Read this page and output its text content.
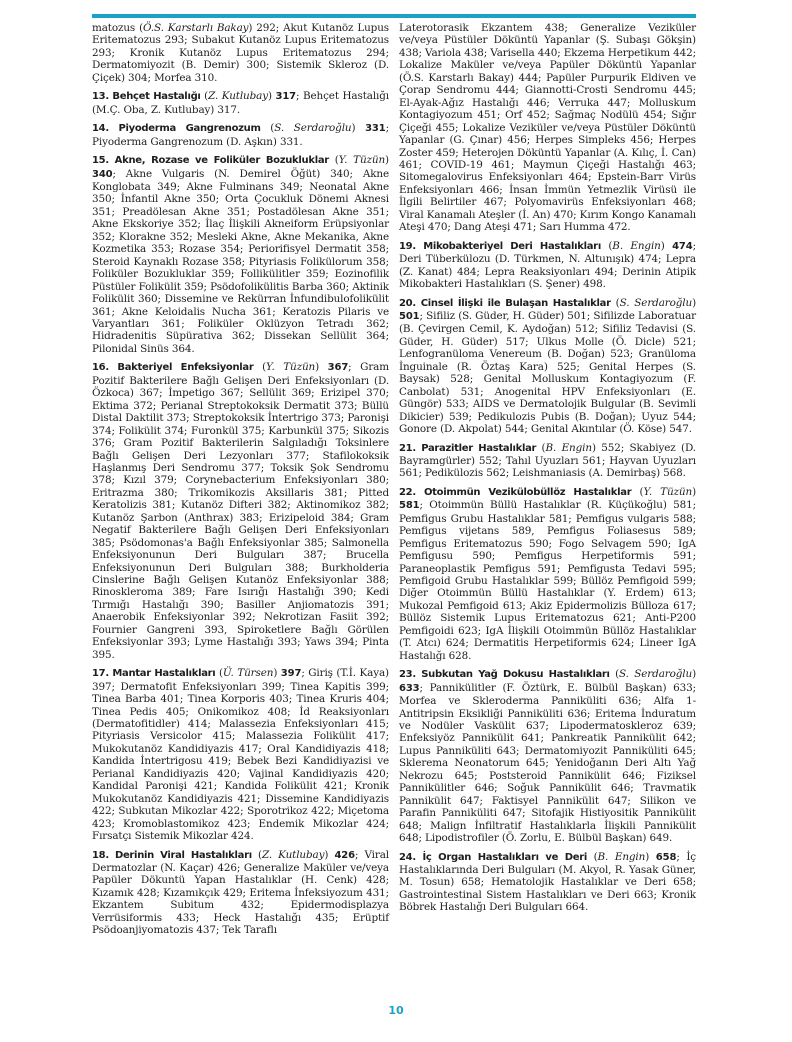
matozus (Ö.S. Karstarlı Bakay) 292; Akut Kutanöz Lupus Eritematozus 293; Subakut Kutanöz Lupus Eritematozus 293; Kronik Kutanöz Lupus Eritematozus 294; Dermatomiyozit (B. Demir) 300; Sistemik Skleroz (D. Çiçek) 304; Morfea 310.

13. Behçet Hastalığı (Z. Kutlubay) 317; Behçet Hastalığı (M.Ç. Oba, Z. Kutlubay) 317.

14. Piyoderma Gangrenozum (S. Serdaroğlu) 331; Piyoderma Gangrenozum (D. Aşkın) 331.

15. Akne, Rozase ve Foliküler Bozukluklar (Y. Tüzün) 340; Akne Vulgaris (N. Demirel Öğüt) 340; Akne Konglobata 349; Akne Fulminans 349; Neonatal Akne 350; İnfantil Akne 350; Orta Çocukluk Dönemi Aknesi 351; Preadölesan Akne 351; Postadölesan Akne 351; Akne Ekskoriye 352; İlaç İlişkili Akneiform Erüpsiyonlar 352; Klorakne 352; Mesleki Akne, Akne Mekanika, Akne Kozmetika 353; Rozase 354; Periorifisyel Dermatit 358; Steroid Kaynaklı Rozase 358; Pityriasis Folikülorum 358; Foliküler Bozukluklar 359; Follikülitler 359; Eozinofilik Püstüler Folikülit 359; Psödofolikülitis Barba 360; Aktinik Folikülit 360; Dissemine ve Rekürran İnfundibulofolikülit 361; Akne Keloidalis Nucha 361; Keratozis Pilaris ve Varyantları 361; Foliküler Oklüzyon Tetradı 362; Hidradenitis Süpürativa 362; Dissekan Sellülit 364; Pilonidal Sinüs 364.

16. Bakteriyel Enfeksiyonlar (Y. Tüzün) 367; Gram Pozitif Bakterilere Bağlı Gelişen Deri Enfeksiyonları (D. Özkoca) 367; İmpetigo 367; Sellülit 369; Erizipel 370; Ektima 372; Perianal Streptokoksik Dermatit 373; Büllü Distal Daktilit 373; Streptokoksik İntertrigo 373; Paronişi 374; Folikülit 374; Furonkül 375; Karbunkül 375; Sikozis 376; Gram Pozitif Bakterilerin Salgıladığı Toksinlere Bağlı Gelişen Deri Lezyonları 377; Stafilokoksik Haşlanmış Deri Sendromu 377; Toksik Şok Sendromu 378; Kızıl 379; Corynebacterium Enfeksiyonları 380; Eritrazma 380; Trikomikozis Aksillaris 381; Pitted Keratolizis 381; Kutanöz Difteri 382; Aktinomikoz 382; Kutanöz Şarbon (Anthrax) 383; Erizipeloid 384; Gram Negatif Bakterilere Bağlı Gelişen Deri Enfeksiyonları 385; Psödomonas'a Bağlı Enfeksiyonlar 385; Salmonella Enfeksiyonunun Deri Bulguları 387; Brucella Enfeksiyonunun Deri Bulguları 388; Burkholderia Cinslerine Bağlı Gelişen Kutanöz Enfeksiyonlar 388; Rinoskleroma 389; Fare Isırığı Hastalığı 390; Kedi Tırmığı Hastalığı 390; Basiller Anjiomatozis 391; Anaerobik Enfeksiyonlar 392; Nekrotizan Fasiit 392; Fournier Gangreni 393, Spiroketlere Bağlı Görülen Enfeksiyonlar 393; Lyme Hastalığı 393; Yaws 394; Pinta 395.

17. Mantar Hastalıkları (Ü. Türsen) 397; Giriş (T.İ. Kaya) 397; Dermatofit Enfeksiyonları 399; Tinea Kapitis 399; Tinea Barba 401; Tinea Korporis 403; Tinea Kruris 404; Tinea Pedis 405; Onikomikoz 408; İd Reaksiyonları (Dermatofitidler) 414; Malassezia Enfeksiyonları 415; Pityriasis Versicolor 415; Malassezia Folikülit 417; Mukokutanöz Kandidiyazis 417; Oral Kandidiyazis 418; Kandida İntertrigosu 419; Bebek Bezi Kandidiyazisi ve Perianal Kandidiyazis 420; Vajinal Kandidiyazis 420; Kandidal Paronişi 421; Kandida Folikülit 421; Kronik Mukokutanöz Kandidiyazis 421; Dissemine Kandidiyazis 422; Subkutan Mikozlar 422; Sporotrikoz 422; Miçetoma 423; Kromoblastomikoz 423; Endemik Mikozlar 424; Fırsatçı Sistemik Mikozlar 424.

18. Derinin Viral Hastalıkları (Z. Kutlubay) 426; Viral Dermatozlar (N. Kaçar) 426; Generalize Maküler ve/veya Papüler Dökuntü Yapan Hastalıklar (H. Cenk) 428; Kızamık 428; Kızamıkçık 429; Eritema İnfeksiyozum 431; Ekzantem Subitum 432; Epidermodisplazya Verrüsiformis 433; Heck Hastalığı 435; Erüptif Psödoanjiyomatozis 437; Tek Taraflı

Laterotorasik Ekzantem 438; Generalize Veziküler ve/veya Püstüler Döküntü Yapanlar (Ş. Subaşı Gökşin) 438; Variola 438; Varisella 440; Ekzema Herpetikum 442; Lokalize Maküler ve/veya Papüler Döküntü Yapanlar (Ö.S. Karstarlı Bakay) 444; Papüler Purpurik Eldiven ve Çorap Sendromu 444; Giannotti-Crosti Sendromu 445; El-Ayak-Ağız Hastalığı 446; Verruka 447; Molluskum Kontagiyozum 451; Orf 452; Sağmaç Nodülü 454; Sığır Çiçeği 455; Lokalize Veziküler ve/veya Püstüler Döküntü Yapanlar (G. Çınar) 456; Herpes Simpleks 456; Herpes Zoster 459; Heterojen Döküntü Yapanlar (A. Kılıç, İ. Can) 461; COVID-19 461; Maymun Çiçeği Hastalığı 463; Sitomegalovirus Enfeksiyonları 464; Epstein-Barr Virüs Enfeksiyonları 466; İnsan İmmün Yetmezlik Virüsü ile İlgili Belirtiler 467; Polyomavirüs Enfeksiyonları 468; Viral Kanamalı Ateşler (İ. An) 470; Kırım Kongo Kanamalı Ateşi 470; Dang Ateşi 471; Sarı Humma 472.

19. Mikobakteriyel Deri Hastalıkları (B. Engin) 474; Deri Tüberkülozu (D. Türkmen, N. Altunışık) 474; Lepra (Z. Kanat) 484; Lepra Reaksiyonları 494; Derinin Atipik Mikobakteri Hastalıkları (S. Şener) 498.

20. Cinsel İlişki ile Bulaşan Hastalıklar (S. Serdaroğlu) 501; Sifiliz (S. Güder, H. Güder) 501; Sifilizde Laboratuar (B. Çevirgen Cemil, K. Aydoğan) 512; Sifiliz Tedavisi (S. Güder, H. Güder) 517; Ulkus Molle (Ö. Dicle) 521; Lenfogranüloma Venereum (B. Doğan) 523; Granüloma İnguinale (R. Öztaş Kara) 525; Genital Herpes (S. Baysak) 528; Genital Molluskum Kontagiyozum (F. Canbolat) 531; Anogenital HPV Enfeksiyonları (E. Güngör) 533; AIDS ve Dermatolojik Bulgular (B. Sevimli Dikicier) 539; Pedikulozis Pubis (B. Doğan); Uyuz 544; Gonore (D. Akpolat) 544; Genital Akıntılar (Ö. Köse) 547.

21. Parazitler Hastalıklar (B. Engin) 552; Skabiyez (D. Bayramgürler) 552; Tahıl Uyuzları 561; Hayvan Uyuzları 561; Pedikülozis 562; Leishmaniasis (A. Demirbaş) 568.

22. Otoimmün Vezikülobüllöz Hastalıklar (Y. Tüzün) 581; Otoimmün Büllü Hastalıklar (R. Küçükoğlu) 581; Pemfigus Grubu Hastalıklar 581; Pemfigus vulgaris 588; Pemfigus vijetans 589, Pemfigus Foliasesus 589; Pemfigus Eritematozus 590; Fogo Selvagem 590; IgA Pemfigusu 590; Pemfigus Herpetiformis 591; Paraneoplastik Pemfigus 591; Pemfigusta Tedavi 595; Pemfigoid Grubu Hastalıklar 599; Büllöz Pemfigoid 599; Diğer Otoimmün Büllü Hastalıklar (Y. Erdem) 613; Mukozal Pemfigoid 613; Akiz Epidermolizis Bülloza 617; Büllöz Sistemik Lupus Eritematozus 621; Anti-P200 Pemfigoidi 623; IgA İlişkili Otoimmün Büllöz Hastalıklar (T. Atcı) 624; Dermatitis Herpetiformis 624; Lineer IgA Hastalığı 628.

23. Subkutan Yağ Dokusu Hastalıkları (S. Serdaroğlu) 633; Pannikülitler (F. Öztürk, E. Bülbül Başkan) 633; Morfea ve Skleroderma Panniküliti 636; Alfa 1-Antitripsin Eksikliği Panniküliti 636; Eritema İnduratum ve Nodüler Vaskülit 637; Lipodermatoskleroz 639; Enfeksiyöz Pannikülit 641; Pankreatik Pannikülit 642; Lupus Panniküliti 643; Dermatomiyozit Panniküliti 645; Sklerema Neonatorum 645; Yenidoğanın Deri Altı Yağ Nekrozu 645; Poststeroid Pannikülit 646; Fiziksel Pannikülitler 646; Soğuk Pannikülit 646; Travmatik Pannikülit 647; Faktisyel Pannikülit 647; Silikon ve Parafin Panniküliti 647; Sitofajik Histiyositik Pannikülit 648; Malign İnfiltratif Hastalıklarla İlişkili Pannikülit 648; Lipodistrofiler (Ö. Zorlu, E. Bülbül Başkan) 649.

24. İç Organ Hastalıkları ve Deri (B. Engin) 658; İç Hastalıklarında Deri Bulguları (M. Akyol, R. Yasak Güner, M. Tosun) 658; Hematolojik Hastalıklar ve Deri 658; Gastrointestinal Sistem Hastalıkları ve Deri 663; Kronik Böbrek Hastalığı Deri Bulguları 664.

10
